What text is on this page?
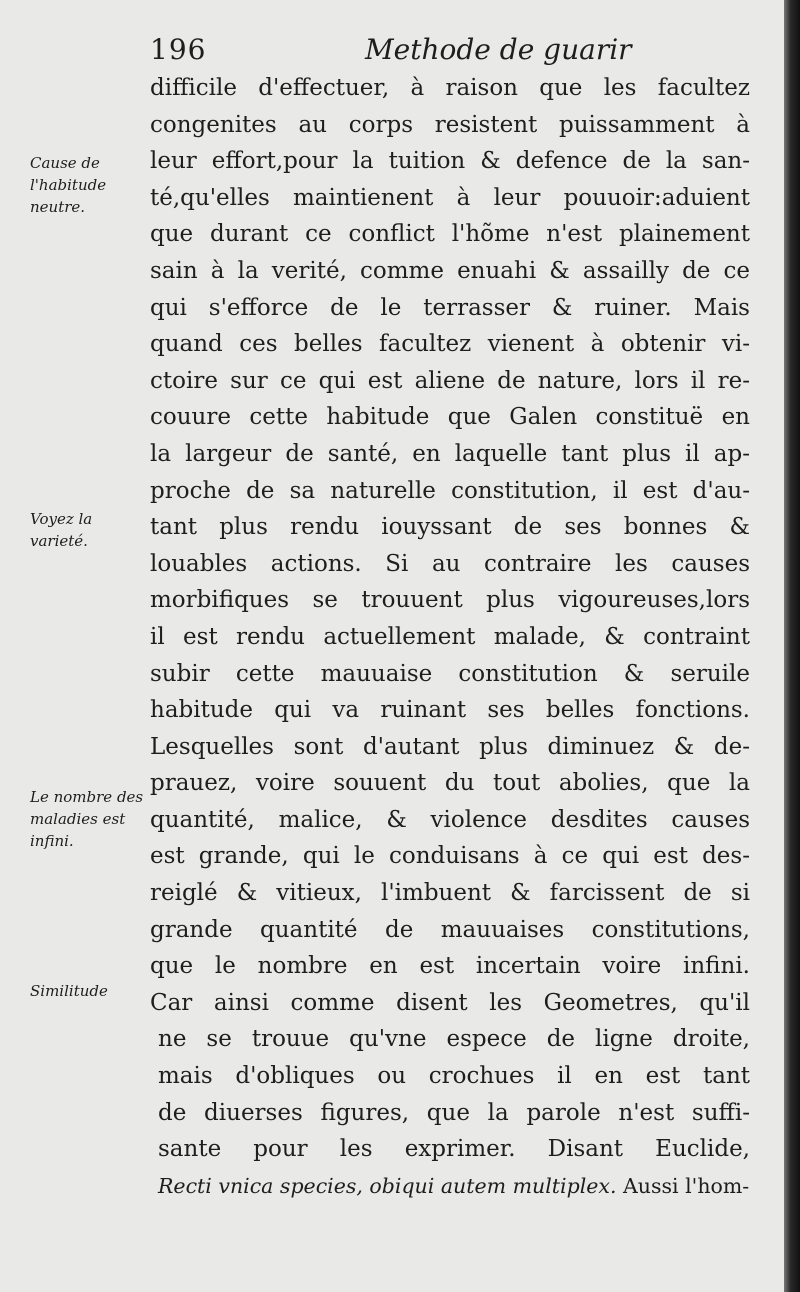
196	Methode de guarir
Cause de l'habitude neutre.
Voyez la varieté.
Le nombre des maladies est infini.
Similitude
difficile d'effectuer, à raison que les facultez
congenites au corps resistent puissamment à
leur effort,pour la tuition & defence de la san-
té,qu'elles maintienent à leur pouuoir:aduient
que durant ce conflict l'hõme n'est plainement
sain à la verité, comme enuahi & assailly de ce
qui s'efforce de le terrasser & ruiner. Mais
quand ces belles facultez vienent à obtenir vi-
ctoire sur ce qui est aliene de nature, lors il re-
couure cette habitude que Galen constituë en
la largeur de santé, en laquelle tant plus il ap-
proche de sa naturelle constitution, il est d'au-
tant plus rendu iouyssant de ses bonnes &
louables actions. Si au contraire les causes
morbifiques se trouuent plus vigoureuses,lors
il est rendu actuellement malade, & contraint
subir cette mauuaise constitution & seruile
habitude qui va ruinant ses belles fonctions.
Lesquelles sont d'autant plus diminuez & de-
prauez, voire souuent du tout abolies, que la
quantité, malice, & violence desdites causes
est grande, qui le conduisans à ce qui est des-
reiglé & vitieux, l'imbuent & farcissent de si
grande quantité de mauuaises constitutions,
que le nombre en est incertain voire infini.
Car ainsi comme disent les Geometres, qu'il
ne se trouue qu'vne espece de ligne droite,
mais d'obliques ou crochues il en est tant
de diuerses figures, que la parole n'est suffi-
sante pour les exprimer. Disant Euclide,
Recti vnica species, obiqui autem multiplex. Aussi l'hom-
